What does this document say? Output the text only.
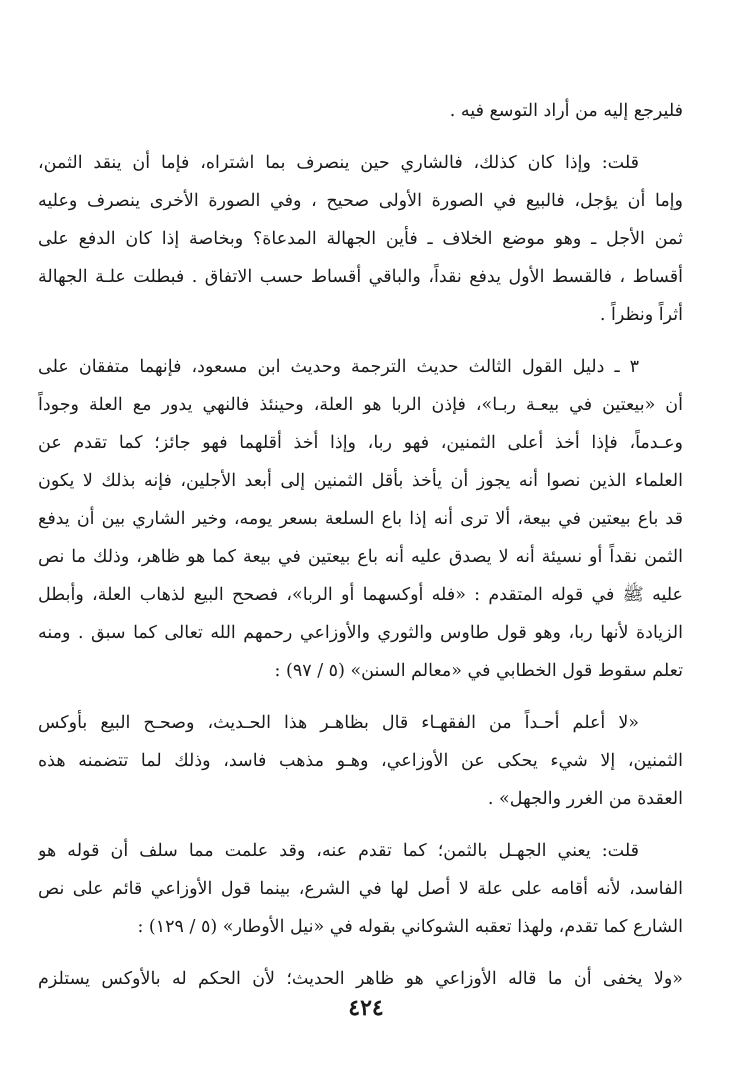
فليرجع إليه من أراد التوسع فيه .

قلت: وإذا كان كذلك، فالشاري حين ينصرف بما اشتراه، فإما أن ينقد الثمن،
وإما أن يؤجل، فالبيع في الصورة الأولى صحيح ، وفي الصورة الأخرى ينصرف وعليه
ثمن الأجل ـ وهو موضع الخلاف ـ فأين الجهالة المدعاة؟ وبخاصة إذا كان الدفع على
أقساط ، فالقسط الأول يدفع نقداً، والباقي أقساط حسب الاتفاق . فبطلت علـة الجهالة
أثراً ونظراً .

٣ ـ دليل القول الثالث حديث الترجمة وحديث ابن مسعود، فإنهما متفقان على
أن «بيعتين في بيعـة ربـا»، فإذن الربا هو العلة، وحينئذ فالنهي يدور مع العلة وجوداً
وعـدماً، فإذا أخذ أعلى الثمنين، فهو ربا، وإذا أخذ أقلهما فهو جائز؛ كما تقدم عن
العلماء الذين نصوا أنه يجوز أن يأخذ بأقل الثمنين إلى أبعد الأجلين، فإنه بذلك لا يكون
قد باع بيعتين في بيعة، ألا ترى أنه إذا باع السلعة بسعر يومه، وخير الشاري بين أن يدفع
الثمن نقداً أو نسيئة أنه لا يصدق عليه أنه باع بيعتين في بيعة كما هو ظاهر، وذلك ما نص
عليه ﷺ في قوله المتقدم : «فله أوكسهما أو الربا»، فصحح البيع لذهاب العلة، وأبطل
الزيادة لأنها ربا، وهو قول طاوس والثوري والأوزاعي رحمهم الله تعالى كما سبق . ومنه
تعلم سقوط قول الخطابي في «معالم السنن» (٥ / ٩٧) :

«لا أعلم أحـداً من الفقهـاء قال بظاهـر هذا الحـديث، وصحـح البيع بأوكس
الثمنين، إلا شيء يحكى عن الأوزاعي، وهـو مذهب فاسد، وذلك لما تتضمنه هذه
العقدة من الغرر والجهل» .

قلت: يعني الجهـل بالثمن؛ كما تقدم عنه، وقد علمت مما سلف أن قوله هو
الفاسد، لأنه أقامه على علة لا أصل لها في الشرع، بينما قول الأوزاعي قائم على نص
الشارع كما تقدم، ولهذا تعقبه الشوكاني بقوله في «نيل الأوطار» (٥ / ١٢٩) :

«ولا يخفى أن ما قاله الأوزاعي هو ظاهر الحديث؛ لأن الحكم له بالأوكس يستلزم

٤٢٤
